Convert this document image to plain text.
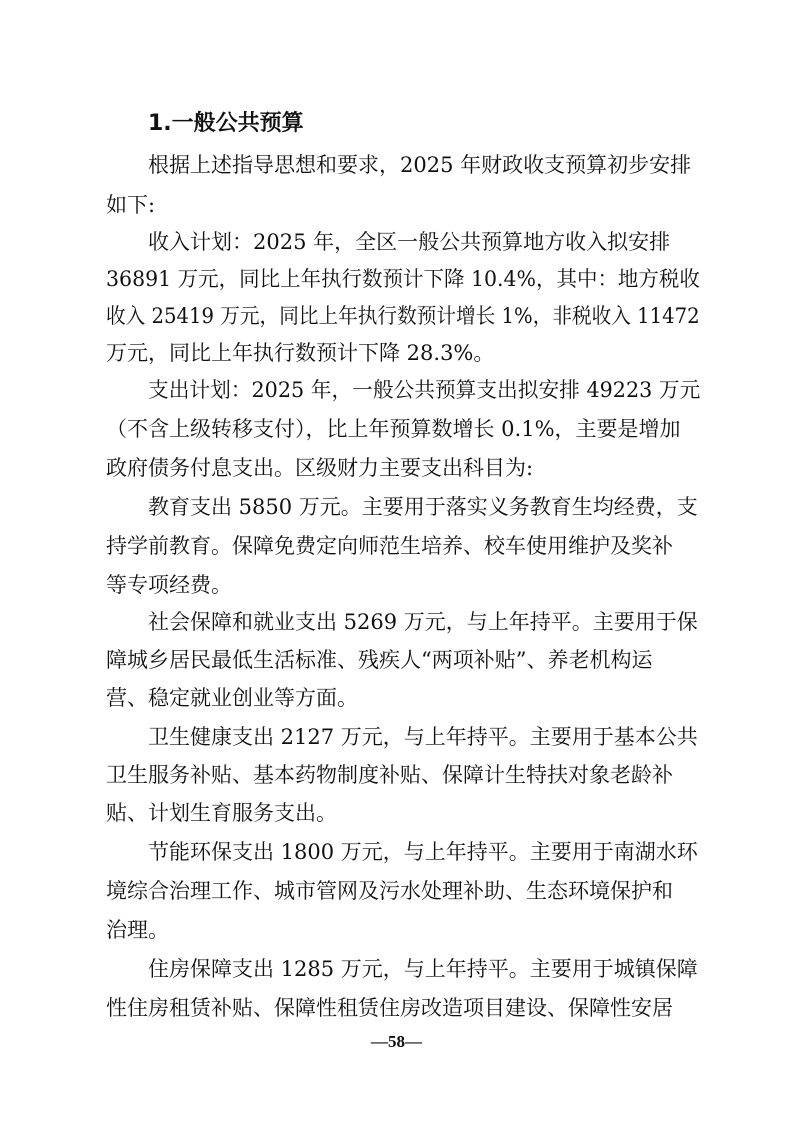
1.一般公共预算

根据上述指导思想和要求，2025 年财政收支预算初步安排

如下:

收入计划：2025 年，全区一般公共预算地方收入拟安排

36891 万元，同比上年执行数预计下降 10.4%，其中：地方税收

收入 25419 万元，同比上年执行数预计增长 1%，非税收入 11472

万元，同比上年执行数预计下降 28.3%。

支出计划：2025 年，一般公共预算支出拟安排 49223 万元

（不含上级转移支付），比上年预算数增长 0.1%，主要是增加

政府债务付息支出。区级财力主要支出科目为:

教育支出 5850 万元。主要用于落实义务教育生均经费，支

持学前教育。保障免费定向师范生培养、校车使用维护及奖补

等专项经费。

社会保障和就业支出 5269 万元，与上年持平。主要用于保

障城乡居民最低生活标准、残疾人“两项补贴”、养老机构运

营、稳定就业创业等方面。

卫生健康支出 2127 万元，与上年持平。主要用于基本公共

卫生服务补贴、基本药物制度补贴、保障计生特扶对象老龄补

贴、计划生育服务支出。

节能环保支出 1800 万元，与上年持平。主要用于南湖水环

境综合治理工作、城市管网及污水处理补助、生态环境保护和

治理。

住房保障支出 1285 万元，与上年持平。主要用于城镇保障

性住房租赁补贴、保障性租赁住房改造项目建设、保障性安居

—58—
